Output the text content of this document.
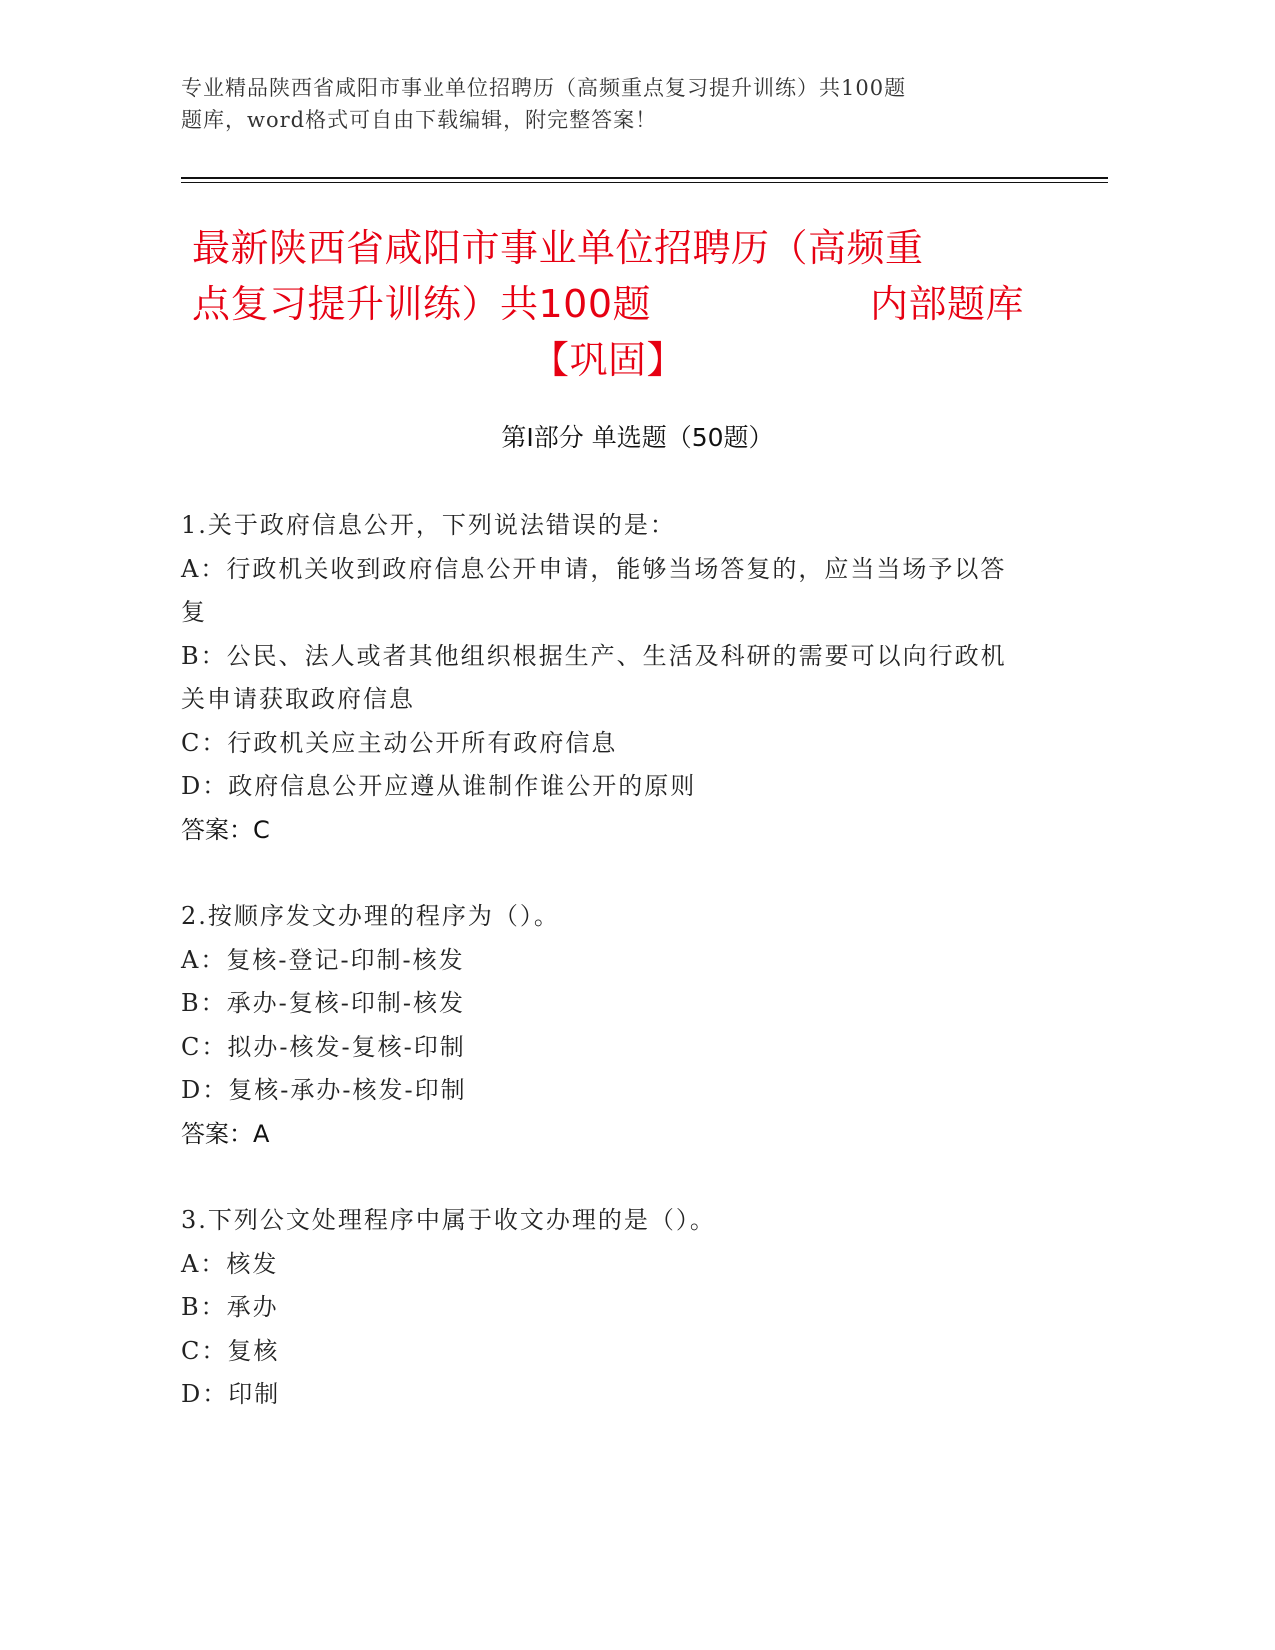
专业精品陕西省咸阳市事业单位招聘历（高频重点复习提升训练）共100题
题库，word格式可自由下载编辑，附完整答案！
最新陕西省咸阳市事业单位招聘历（高频重
点复习提升训练）共100题	内部题库
【巩固】
第Ⅰ部分 单选题（50题）
1.关于政府信息公开，下列说法错误的是：
A：行政机关收到政府信息公开申请，能够当场答复的，应当当场予以答复
B：公民、法人或者其他组织根据生产、生活及科研的需要可以向行政机关申请获取政府信息
C：行政机关应主动公开所有政府信息
D：政府信息公开应遵从谁制作谁公开的原则
答案：C
2.按顺序发文办理的程序为（）。
A：复核-登记-印制-核发
B：承办-复核-印制-核发
C：拟办-核发-复核-印制
D：复核-承办-核发-印制
答案：A
3.下列公文处理程序中属于收文办理的是（）。
A：核发
B：承办
C：复核
D：印制
